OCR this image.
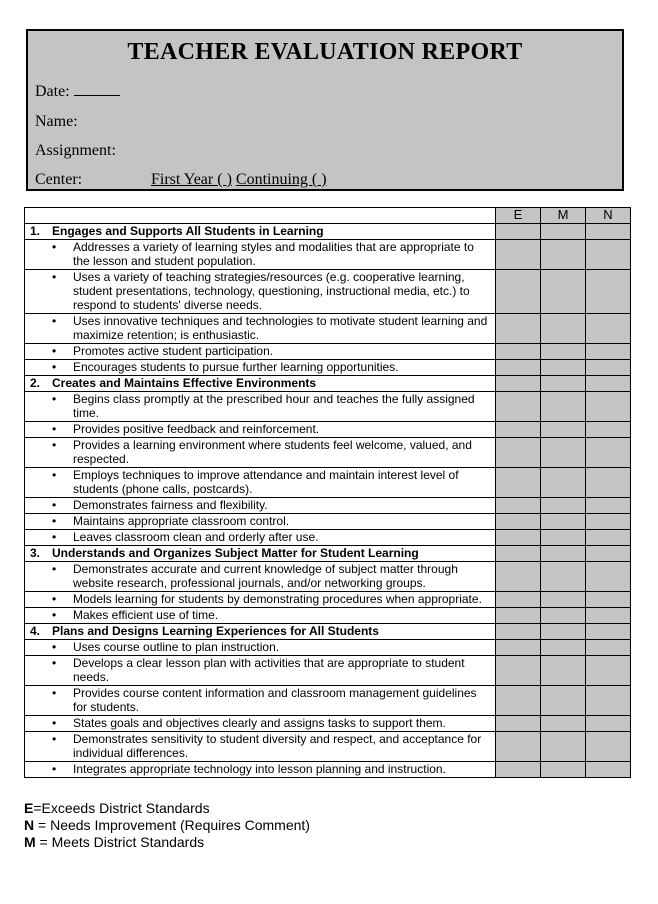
TEACHER EVALUATION REPORT
Date:
Name:
Assignment:
Center:	First Year ( ) Continuing ( )
	E	M	N
1. Engages and Supports All Students in Learning			

• Addresses a variety of learning styles and modalities that are appropriate to the lesson and student population.			

• Uses a variety of teaching strategies/resources (e.g. cooperative learning, student presentations, technology, questioning, instructional media, etc.) to respond to students' diverse needs.			

• Uses innovative techniques and technologies to motivate student learning and maximize retention; is enthusiastic.			

• Promotes active student participation.			

• Encourages students to pursue further learning opportunities.			

2. Creates and Maintains Effective Environments			

• Begins class promptly at the prescribed hour and teaches the fully assigned time.			

• Provides positive feedback and reinforcement.			

• Provides a learning environment where students feel welcome, valued, and respected.			

• Employs techniques to improve attendance and maintain interest level of students (phone calls, postcards).			

• Demonstrates fairness and flexibility.			

• Maintains appropriate classroom control.			

• Leaves classroom clean and orderly after use.			

3. Understands and Organizes Subject Matter for Student Learning			

• Demonstrates accurate and current knowledge of subject matter through website research, professional journals, and/or networking groups.			

• Models learning for students by demonstrating procedures when appropriate.			

• Makes efficient use of time.			

4. Plans and Designs Learning Experiences for All Students			

• Uses course outline to plan instruction.			

• Develops a clear lesson plan with activities that are appropriate to student needs.			

• Provides course content information and classroom management guidelines for students.			

• States goals and objectives clearly and assigns tasks to support them.			

• Demonstrates sensitivity to student diversity and respect, and acceptance for individual differences.			

• Integrates appropriate technology into lesson planning and instruction.			

E=Exceeds District Standards
N = Needs Improvement (Requires Comment)
M = Meets District Standards
